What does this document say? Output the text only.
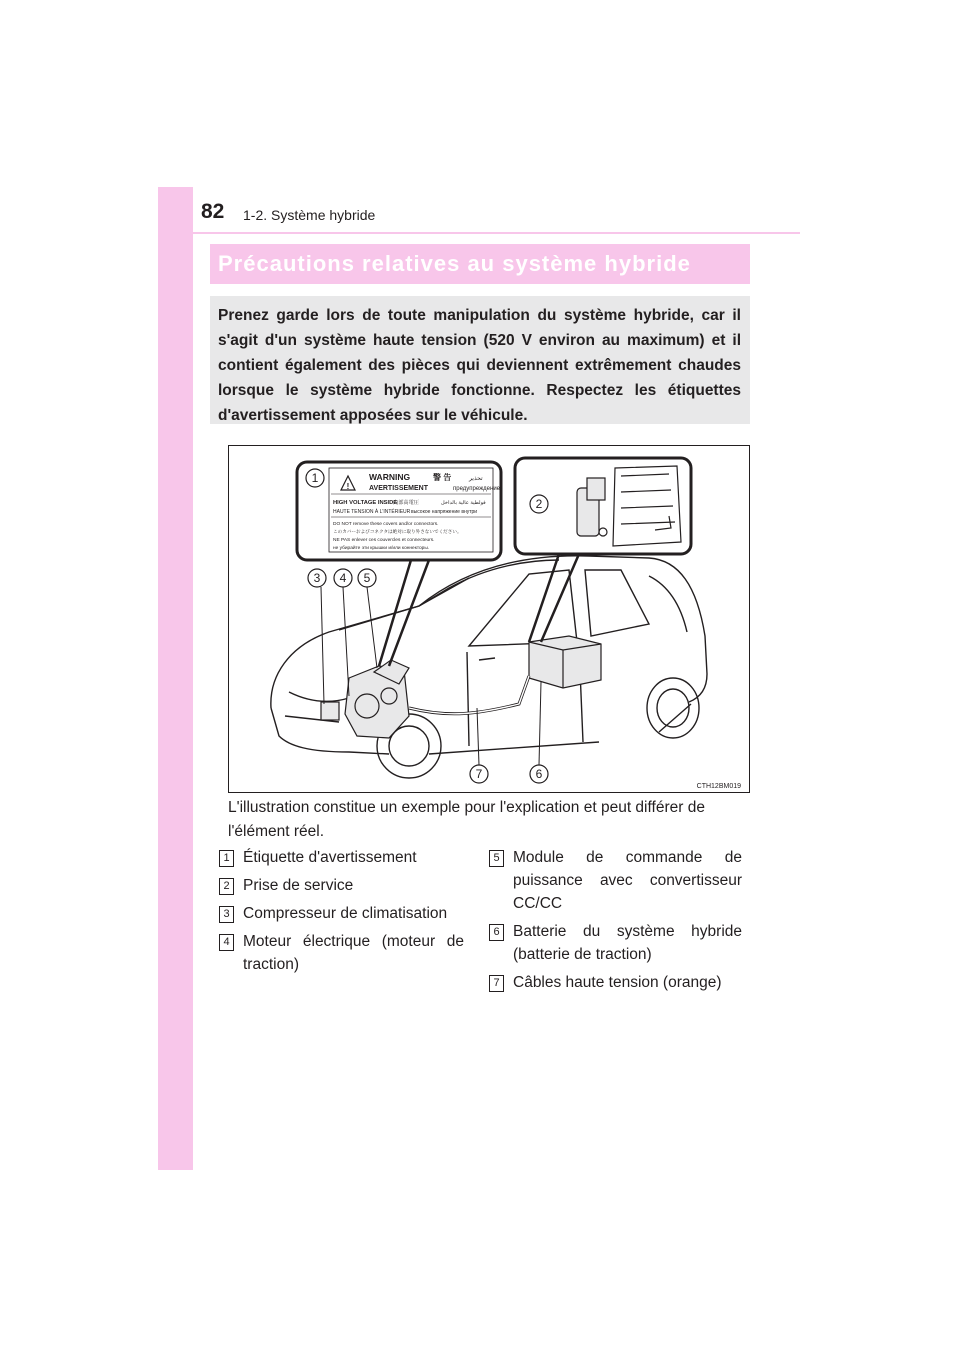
82 1-2. Système hybride
Précautions relatives au système hybride
Prenez garde lors de toute manipulation du système hybride, car il s'agit d'un système haute tension (520 V environ au maximum) et il contient également des pièces qui deviennent extrêmement chaudes lorsque le système hybride fonctionne. Respectez les étiquettes d'avertissement apposées sur le véhicule.
!
WARNING
AVERTISSEMENT
警 告
предупреждение
تحذير
HIGH VOLTAGE INSIDE
内部高電圧	فولطية عالية بالداخل
HAUTE TENSION À L'INTÉRIEUR высокое напряжение внутри
DO NOT remove these covers and/or connectors.
このカバーおよびコネクタは絶対に取り外さないでください。
NE PAS enlever ces couvercles et connecteurs.
не убирайте эти крышки и/или коннекторы.
1
2
3 4 5
6
7
CTH12BM019
L'illustration constitue un exemple pour l'explication et peut différer de l'élément réel.
1 Étiquette d'avertissement
2 Prise de service
3 Compresseur de climatisation
4 Moteur électrique (moteur de traction)
5 Module de commande de puissance avec convertisseur CC/CC
6 Batterie du système hybride (batterie de traction)
7 Câbles haute tension (orange)
